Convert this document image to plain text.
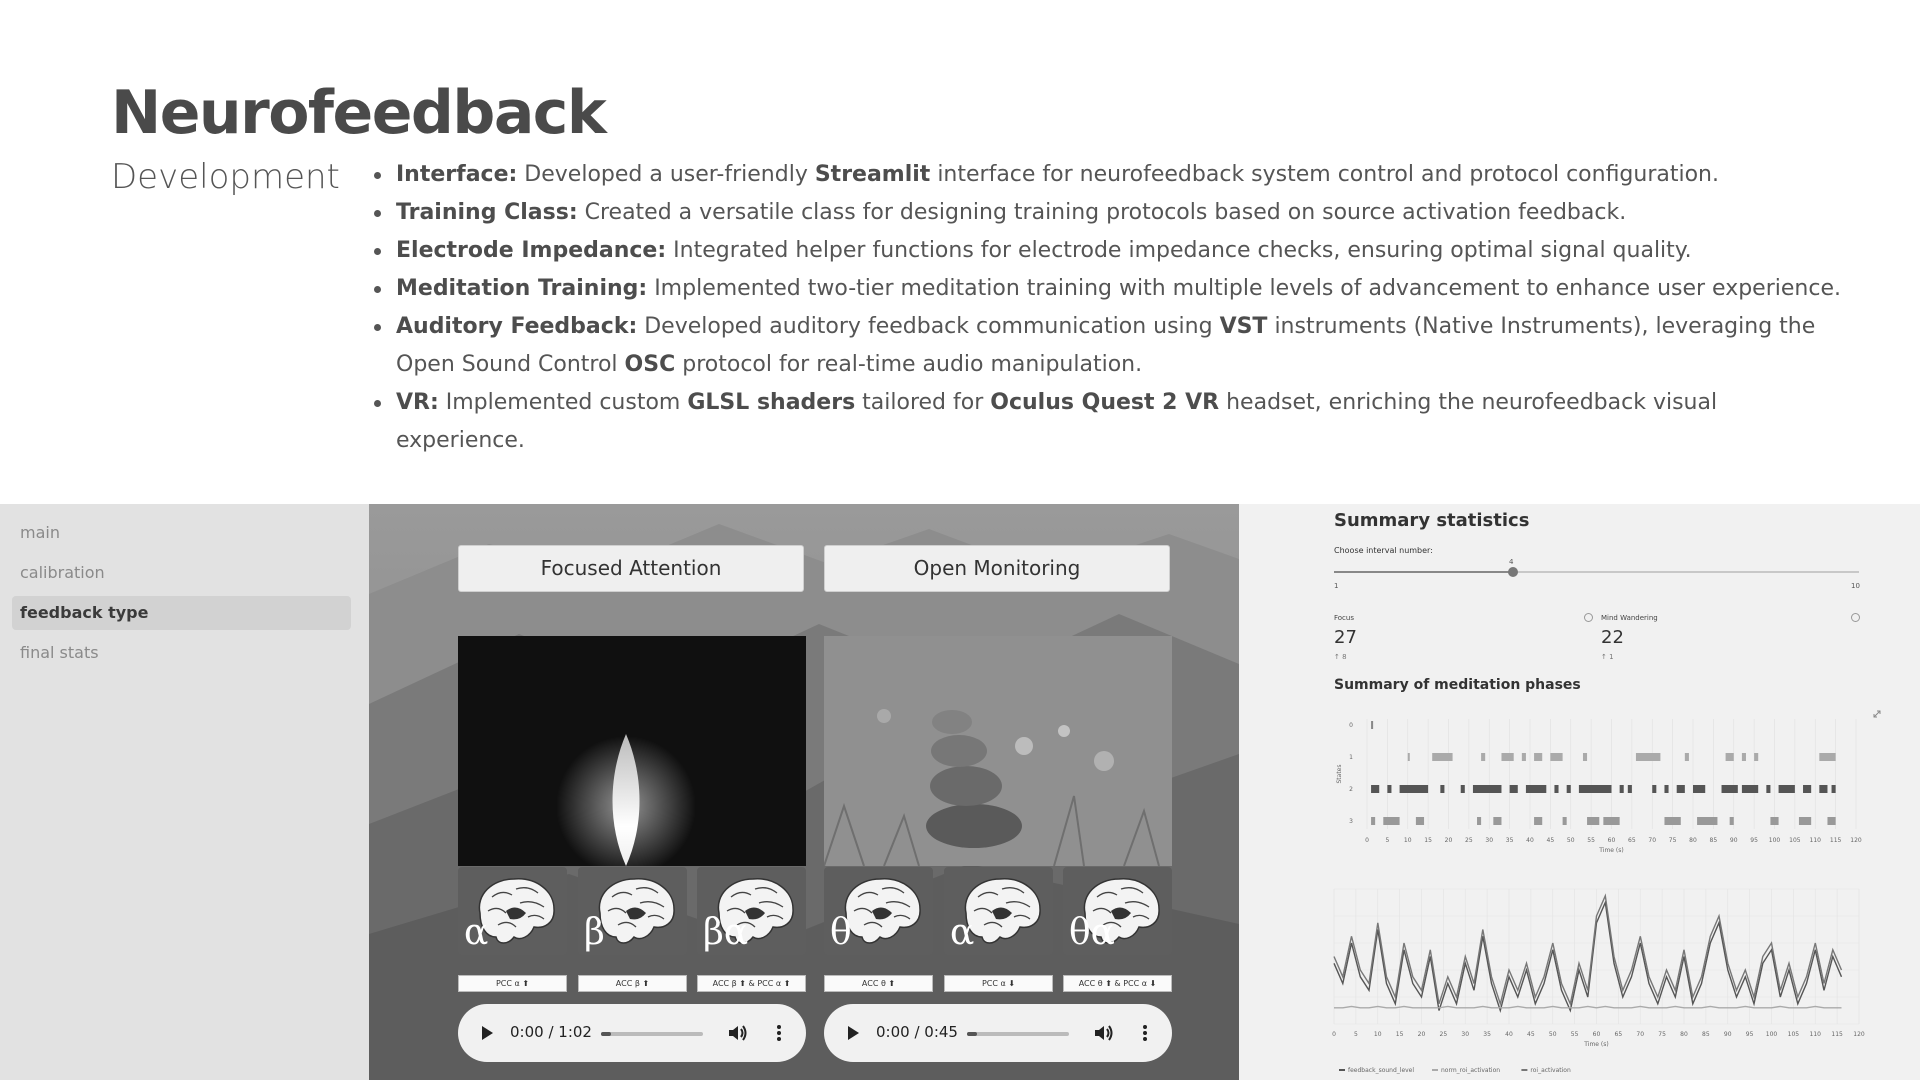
Neurofeedback
Development	Interface: Developed a user-friendly Streamlit interface for neurofeedback system control and protocol configuration.
Training Class: Created a versatile class for designing training protocols based on source activation feedback.
Electrode Impedance: Integrated helper functions for electrode impedance checks, ensuring optimal signal quality.
Meditation Training: Implemented two-tier meditation training with multiple levels of advancement to enhance user experience.
Auditory Feedback: Developed auditory feedback communication using VST instruments (Native Instruments), leveraging the Open Sound Control OSC protocol for real-time audio manipulation.
VR: Implemented custom GLSL shaders tailored for Oculus Quest 2 VR headset, enriching the neurofeedback visual experience.
main
calibration
feedback type
final stats
Focused Attention
α	β	βα
PCC α ⬆	ACC β ⬆	ACC β ⬆ & PCC α ⬆
0:00 / 1:02
Open Monitoring
θ	α	θα
ACC θ ⬆	PCC α ⬇	ACC θ ⬆ & PCC α ⬇
0:00 / 0:45
Summary statistics
Choose interval number:
4
1	10
Focus
27
↑ 8
Mind Wandering
22
↑ 1
Summary of meditation phases
0	5 10 15 20 25 30 35 40 45 50 55 60 65 70 75 80 85 90 95 100 105 110 115 120
0
1
2
3
Time (s)
States
0	5	10 15 20 25 30 35 40 45 50 55 60 65 70 75 80 85 90 95 100 105 110 115 120
Time (s)
feedback_sound_level	norm_roi_activation	roi_activation
